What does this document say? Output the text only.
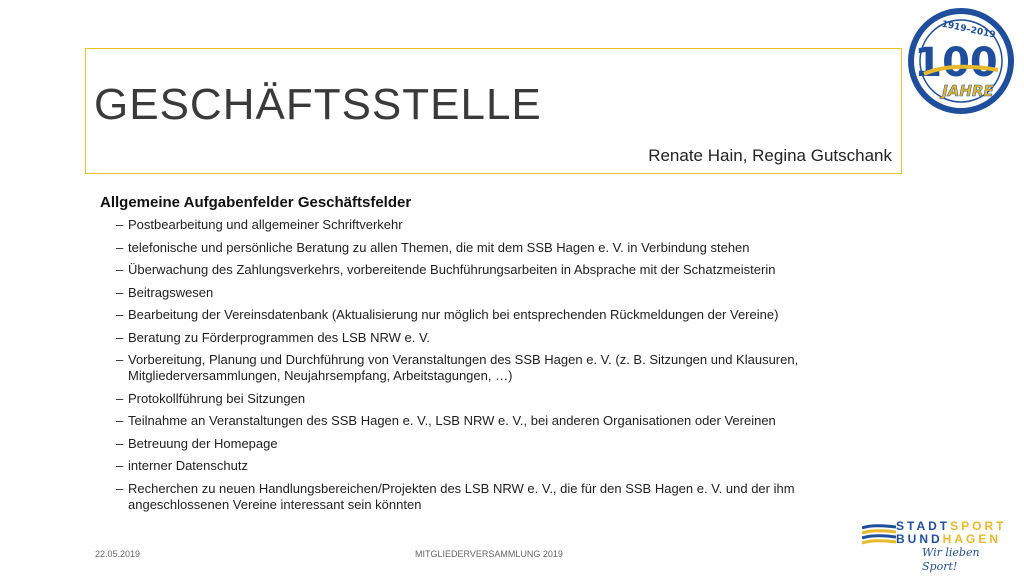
GESCHÄFTSSTELLE
Renate Hain, Regina Gutschank
1919–2019
100
JAHRE

Allgemeine Aufgabenfelder Geschäftsfelder

– Postbearbeitung und allgemeiner Schriftverkehr
– telefonische und persönliche Beratung zu allen Themen, die mit dem SSB Hagen e. V. in Verbindung stehen
– Überwachung des Zahlungsverkehrs, vorbereitende Buchführungsarbeiten in Absprache mit der Schatzmeisterin
– Beitragswesen
– Bearbeitung der Vereinsdatenbank (Aktualisierung nur möglich bei entsprechenden Rückmeldungen der Vereine)
– Beratung zu Förderprogrammen des LSB NRW e. V.
– Vorbereitung, Planung und Durchführung von Veranstaltungen des SSB Hagen e. V. (z. B. Sitzungen und Klausuren, Mitgliederversammlungen, Neujahrsempfang, Arbeitstagungen, …)
– Protokollführung bei Sitzungen
– Teilnahme an Veranstaltungen des SSB Hagen e. V., LSB NRW e. V., bei anderen Organisationen oder Vereinen
– Betreuung der Homepage
– interner Datenschutz
– Recherchen zu neuen Handlungsbereichen/Projekten des LSB NRW e. V., die für den SSB Hagen e. V. und der ihm angeschlossenen Vereine interessant sein könnten
22.05.2019	MITGLIEDERVERSAMMLUNG 2019
STADTSPORT
BUNDHAGEN
Wir lieben Sport!
